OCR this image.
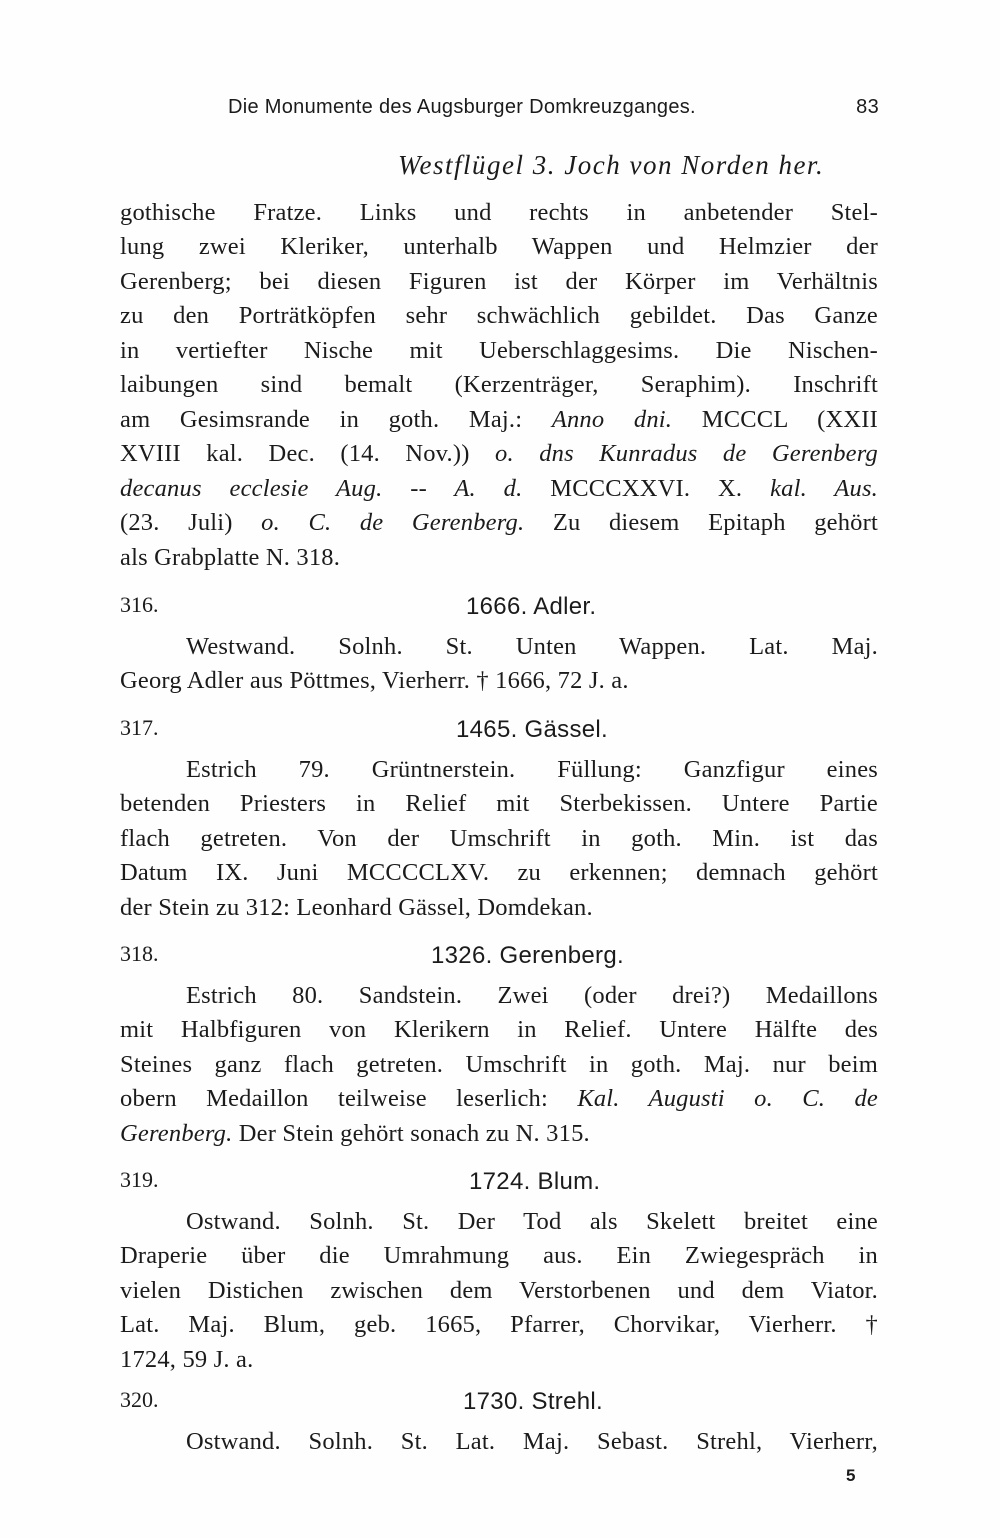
Die Monumente des Augsburger Domkreuzganges.	83
Westflügel 3. Joch von Norden her.
gothische Fratze. Links und rechts in anbetender Stel-
lung zwei Kleriker, unterhalb Wappen und Helmzier der
Gerenberg; bei diesen Figuren ist der Körper im Verhältnis
zu den Porträtköpfen sehr schwächlich gebildet. Das Ganze
in vertiefter Nische mit Ueberschlaggesims. Die Nischen-
laibungen sind bemalt (Kerzenträger, Seraphim). Inschrift
am Gesimsrande in goth. Maj.: Anno dni. MCCCL (XXII
XVIII kal. Dec. (14. Nov.)) o. dns Kunradus de Gerenberg
decanus ecclesie Aug. -- A. d. MCCCXXVI. X. kal. Aus.
(23. Juli) o. C. de Gerenberg. Zu diesem Epitaph gehört
als Grabplatte N. 318.
316.	1666. Adler.
Westwand. Solnh. St. Unten Wappen. Lat. Maj.
Georg Adler aus Pöttmes, Vierherr. † 1666, 72 J. a.
317.	1465. Gässel.
Estrich 79. Grüntnerstein. Füllung: Ganzfigur eines
betenden Priesters in Relief mit Sterbekissen. Untere Partie
flach getreten. Von der Umschrift in goth. Min. ist das
Datum IX. Juni MCCCCLXV. zu erkennen; demnach gehört
der Stein zu 312: Leonhard Gässel, Domdekan.
318.	1326. Gerenberg.
Estrich 80. Sandstein. Zwei (oder drei?) Medaillons
mit Halbfiguren von Klerikern in Relief. Untere Hälfte des
Steines ganz flach getreten. Umschrift in goth. Maj. nur beim
obern Medaillon teilweise leserlich: Kal. Augusti o. C. de
Gerenberg. Der Stein gehört sonach zu N. 315.
319.	1724. Blum.
Ostwand. Solnh. St. Der Tod als Skelett breitet eine
Draperie über die Umrahmung aus. Ein Zwiegespräch in
vielen Distichen zwischen dem Verstorbenen und dem Viator.
Lat. Maj. Blum, geb. 1665, Pfarrer, Chorvikar, Vierherr. †
1724, 59 J. a.
320.	1730. Strehl.
Ostwand. Solnh. St. Lat. Maj. Sebast. Strehl, Vierherr,
5
